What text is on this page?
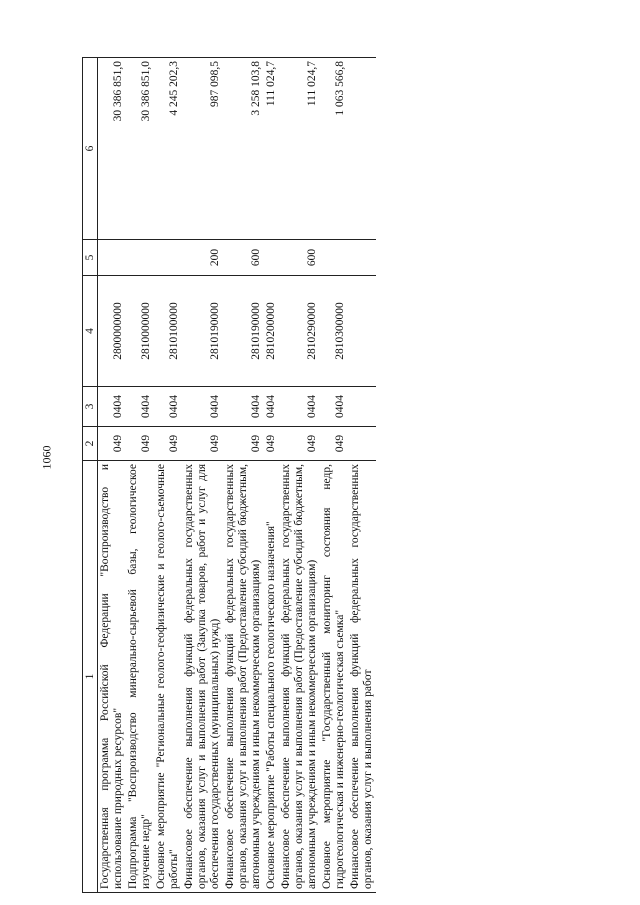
1060
1	2	3	4	5	6
Государственная программа Российской Федерации "Воспроизводство и использование природных ресурсов"	049	0404	2800000000		30 386 851,0
Подпрограмма "Воспроизводство минерально-сырьевой базы, геологическое изучение недр"	049	0404	2810000000		30 386 851,0
Основное мероприятие "Региональные геолого-геофизические и геолого-съемочные работы"	049	0404	2810100000		4 245 202,3
Финансовое обеспечение выполнения функций федеральных государственных органов, оказания услуг и выполнения работ (Закупка товаров, работ и услуг для обеспечения государственных (муниципальных) нужд)	049	0404	2810190000	200	987 098,5
Финансовое обеспечение выполнения функций федеральных государственных органов, оказания услуг и выполнения работ (Предоставление субсидий бюджетным, автономным учреждениям и иным некоммерческим организациям)	049	0404	2810190000	600	3 258 103,8
Основное мероприятие "Работы специального геологического назначения"	049	0404	2810200000		111 024,7
Финансовое обеспечение выполнения функций федеральных государственных органов, оказания услуг и выполнения работ (Предоставление субсидий бюджетным, автономным учреждениям и иным некоммерческим организациям)	049	0404	2810290000	600	111 024,7
Основное мероприятие "Государственный мониторинг состояния недр, гидрогеологическая и инженерно-геологическая съемка"	049	0404	2810300000		1 063 566,8
Финансовое обеспечение выполнения функций федеральных государственных органов, оказания услуг и выполнения работ					
